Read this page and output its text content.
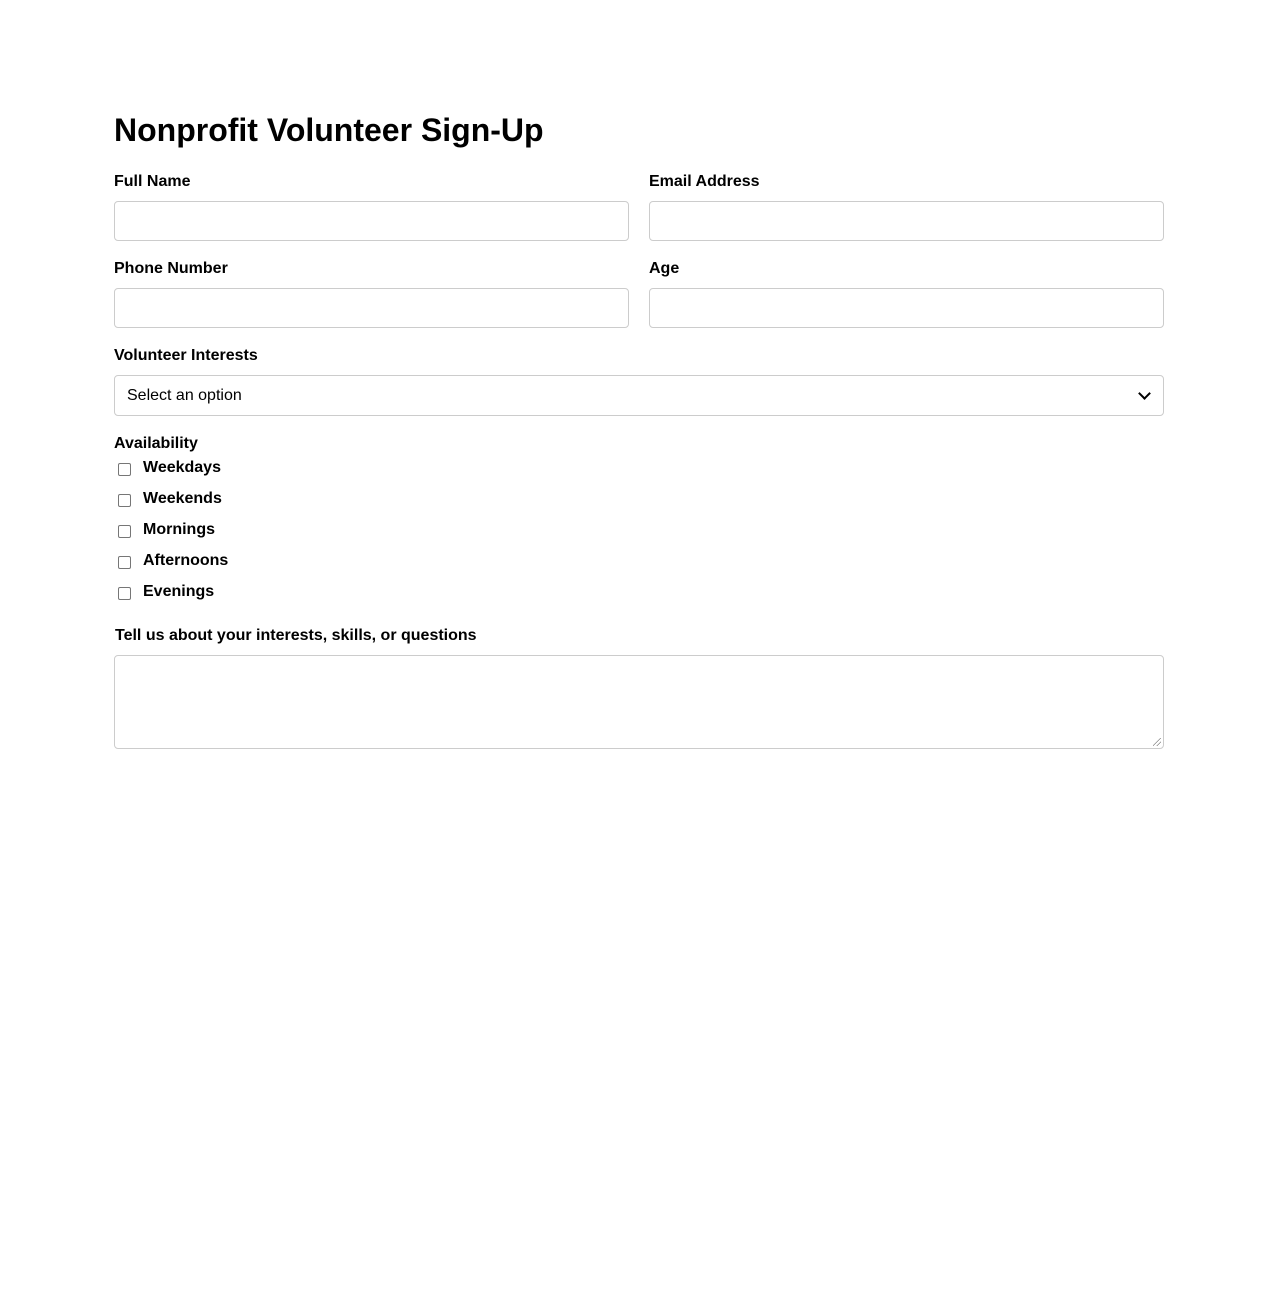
Nonprofit Volunteer Sign-Up
Full Name	Email Address
Phone Number	Age
Volunteer Interests
Select an option
Availability
Weekdays
Weekends
Mornings
Afternoons
Evenings
Tell us about your interests, skills, or questions
